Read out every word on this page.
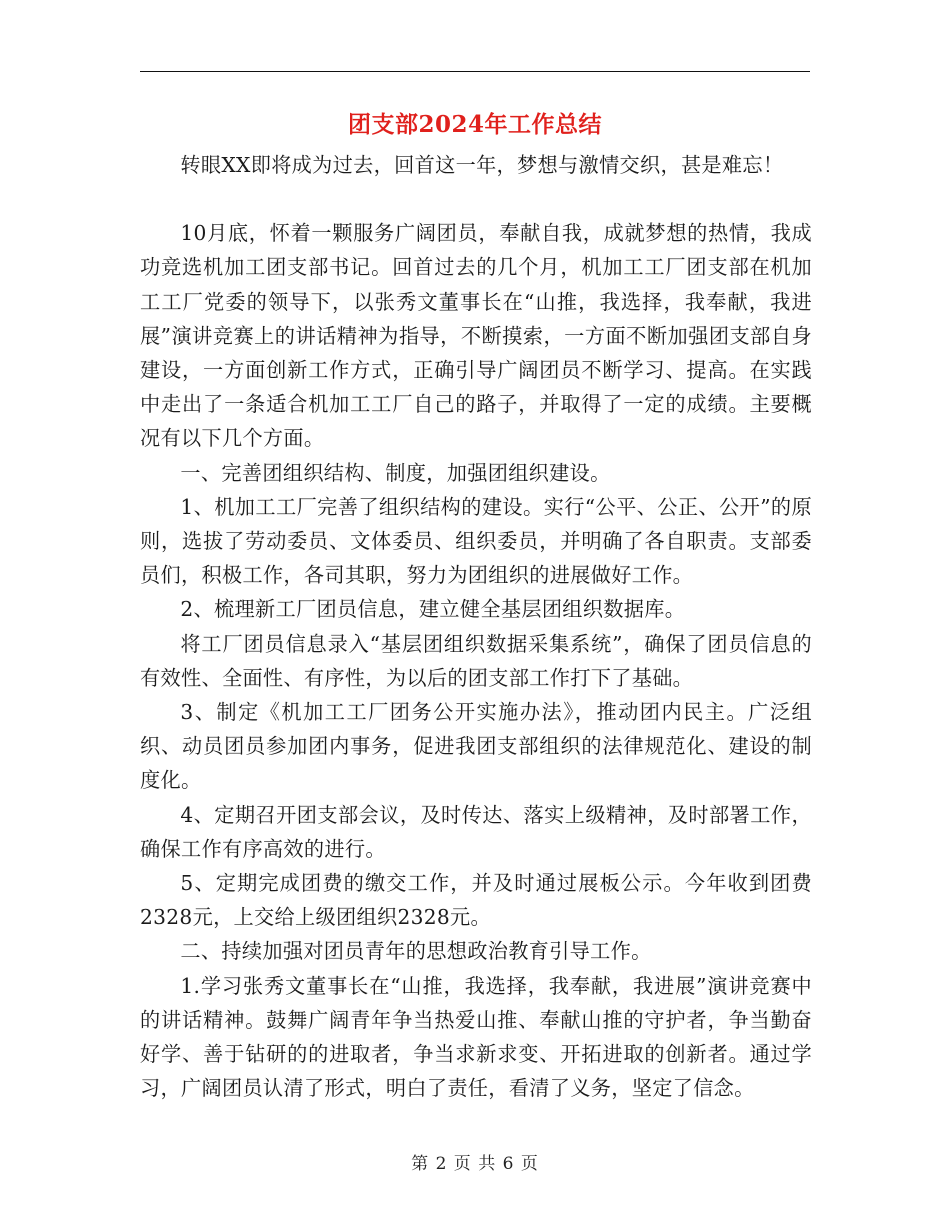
团支部2024年工作总结

转眼XX即将成为过去，回首这一年，梦想与激情交织，甚是难忘！

10月底，怀着一颗服务广阔团员，奉献自我，成就梦想的热情，我成功竞选机加工团支部书记。回首过去的几个月，机加工工厂团支部在机加工工厂党委的领导下，以张秀文董事长在“山推，我选择，我奉献，我进展”演讲竞赛上的讲话精神为指导，不断摸索，一方面不断加强团支部自身建设，一方面创新工作方式，正确引导广阔团员不断学习、提高。在实践中走出了一条适合机加工工厂自己的路子，并取得了一定的成绩。主要概况有以下几个方面。

一、完善团组织结构、制度，加强团组织建设。

1、机加工工厂完善了组织结构的建设。实行“公平、公正、公开”的原则，选拔了劳动委员、文体委员、组织委员，并明确了各自职责。支部委员们，积极工作，各司其职，努力为团组织的进展做好工作。

2、梳理新工厂团员信息，建立健全基层团组织数据库。

将工厂团员信息录入“基层团组织数据采集系统”，确保了团员信息的有效性、全面性、有序性，为以后的团支部工作打下了基础。

3、制定《机加工工厂团务公开实施办法》，推动团内民主。广泛组织、动员团员参加团内事务，促进我团支部组织的法律规范化、建设的制度化。

4、定期召开团支部会议，及时传达、落实上级精神，及时部署工作，确保工作有序高效的进行。

5、定期完成团费的缴交工作，并及时通过展板公示。今年收到团费2328元，上交给上级团组织2328元。

二、持续加强对团员青年的思想政治教育引导工作。

1.学习张秀文董事长在“山推，我选择，我奉献，我进展”演讲竞赛中的讲话精神。鼓舞广阔青年争当热爱山推、奉献山推的守护者，争当勤奋好学、善于钻研的的进取者，争当求新求变、开拓进取的创新者。通过学习，广阔团员认清了形式，明白了责任，看清了义务，坚定了信念。

第 2 页 共 6 页
